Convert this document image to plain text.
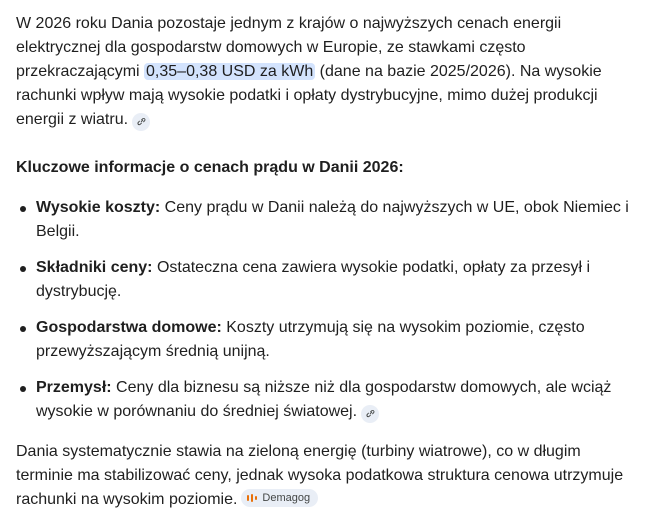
W 2026 roku Dania pozostaje jednym z krajów o najwyższych cenach energii elektrycznej dla gospodarstw domowych w Europie, ze stawkami często przekraczającymi 0,35–0,38 USD za kWh (dane na bazie 2025/2026). Na wysokie rachunki wpływ mają wysokie podatki i opłaty dystrybucyjne, mimo dużej produkcji energii z wiatru.

Kluczowe informacje o cenach prądu w Danii 2026:

Wysokie koszty: Ceny prądu w Danii należą do najwyższych w UE, obok Niemiec i Belgii.
Składniki ceny: Ostateczna cena zawiera wysokie podatki, opłaty za przesył i dystrybucję.
Gospodarstwa domowe: Koszty utrzymują się na wysokim poziomie, często przewyższającym średnią unijną.
Przemysł: Ceny dla biznesu są niższe niż dla gospodarstw domowych, ale wciąż wysokie w porównaniu do średniej światowej.

Dania systematycznie stawia na zieloną energię (turbiny wiatrowe), co w długim terminie ma stabilizować ceny, jednak wysoka podatkowa struktura cenowa utrzymuje rachunki na wysokim poziomie. Demagog
